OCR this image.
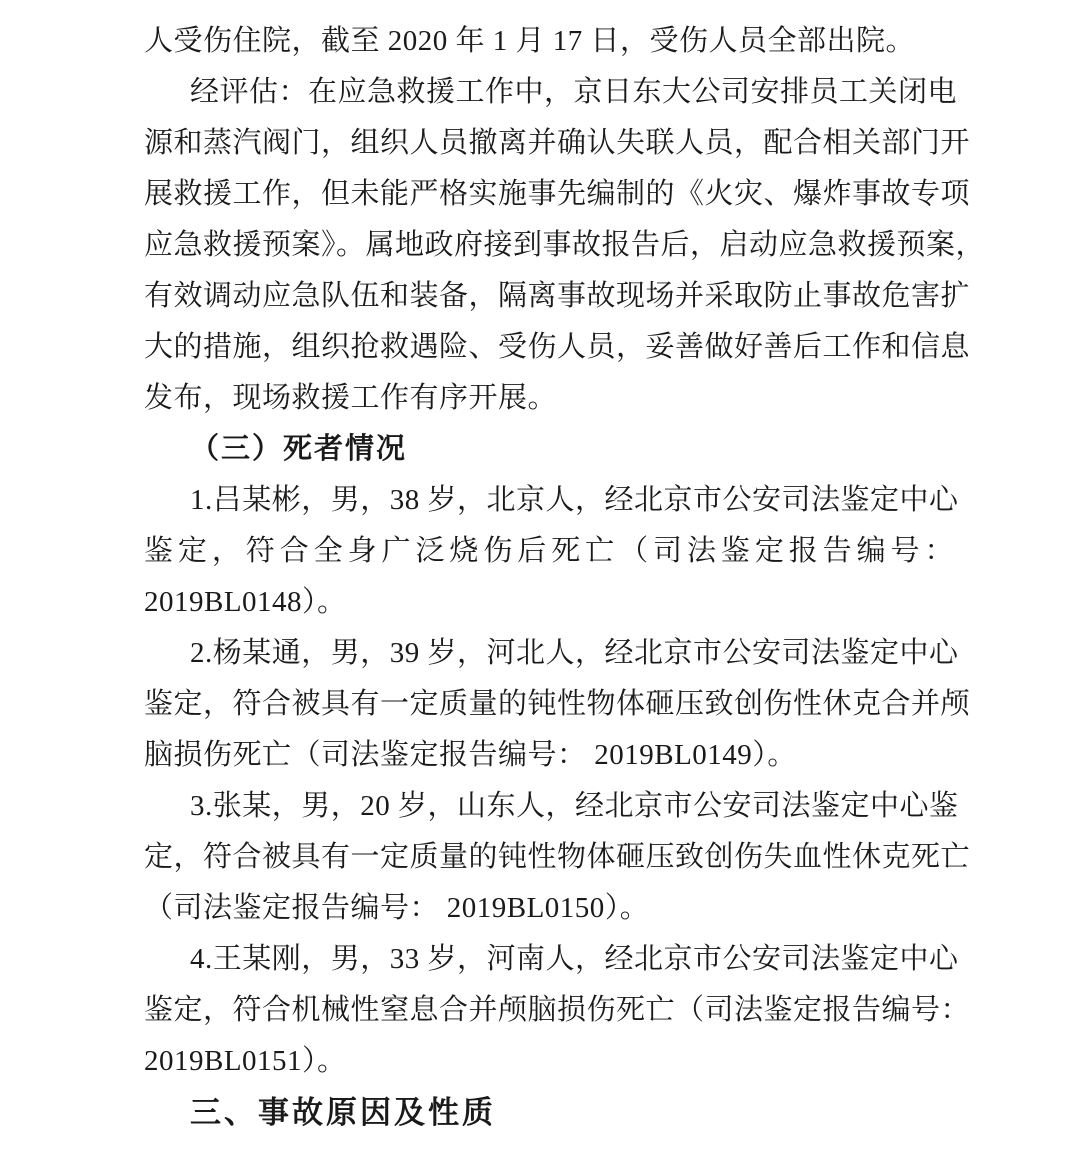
人受伤住院，截至 2020 年 1 月 17 日，受伤人员全部出院。
经评估：在应急救援工作中，京日东大公司安排员工关闭电
源和蒸汽阀门，组织人员撤离并确认失联人员，配合相关部门开
展救援工作，但未能严格实施事先编制的《火灾、爆炸事故专项
应急救援预案》。属地政府接到事故报告后，启动应急救援预案，
有效调动应急队伍和装备，隔离事故现场并采取防止事故危害扩
大的措施，组织抢救遇险、受伤人员，妥善做好善后工作和信息
发布，现场救援工作有序开展。
（三）死者情况
1.吕某彬，男，38 岁，北京人，经北京市公安司法鉴定中心
鉴定，符合全身广泛烧伤后死亡（司法鉴定报告编号：
2019BL0148）。
2.杨某通，男，39 岁，河北人，经北京市公安司法鉴定中心
鉴定，符合被具有一定质量的钝性物体砸压致创伤性休克合并颅
脑损伤死亡（司法鉴定报告编号： 2019BL0149）。
3.张某，男，20 岁，山东人，经北京市公安司法鉴定中心鉴
定，符合被具有一定质量的钝性物体砸压致创伤失血性休克死亡
（司法鉴定报告编号： 2019BL0150）。
4.王某刚，男，33 岁，河南人，经北京市公安司法鉴定中心
鉴定，符合机械性窒息合并颅脑损伤死亡（司法鉴定报告编号：
2019BL0151）。
三、事故原因及性质
